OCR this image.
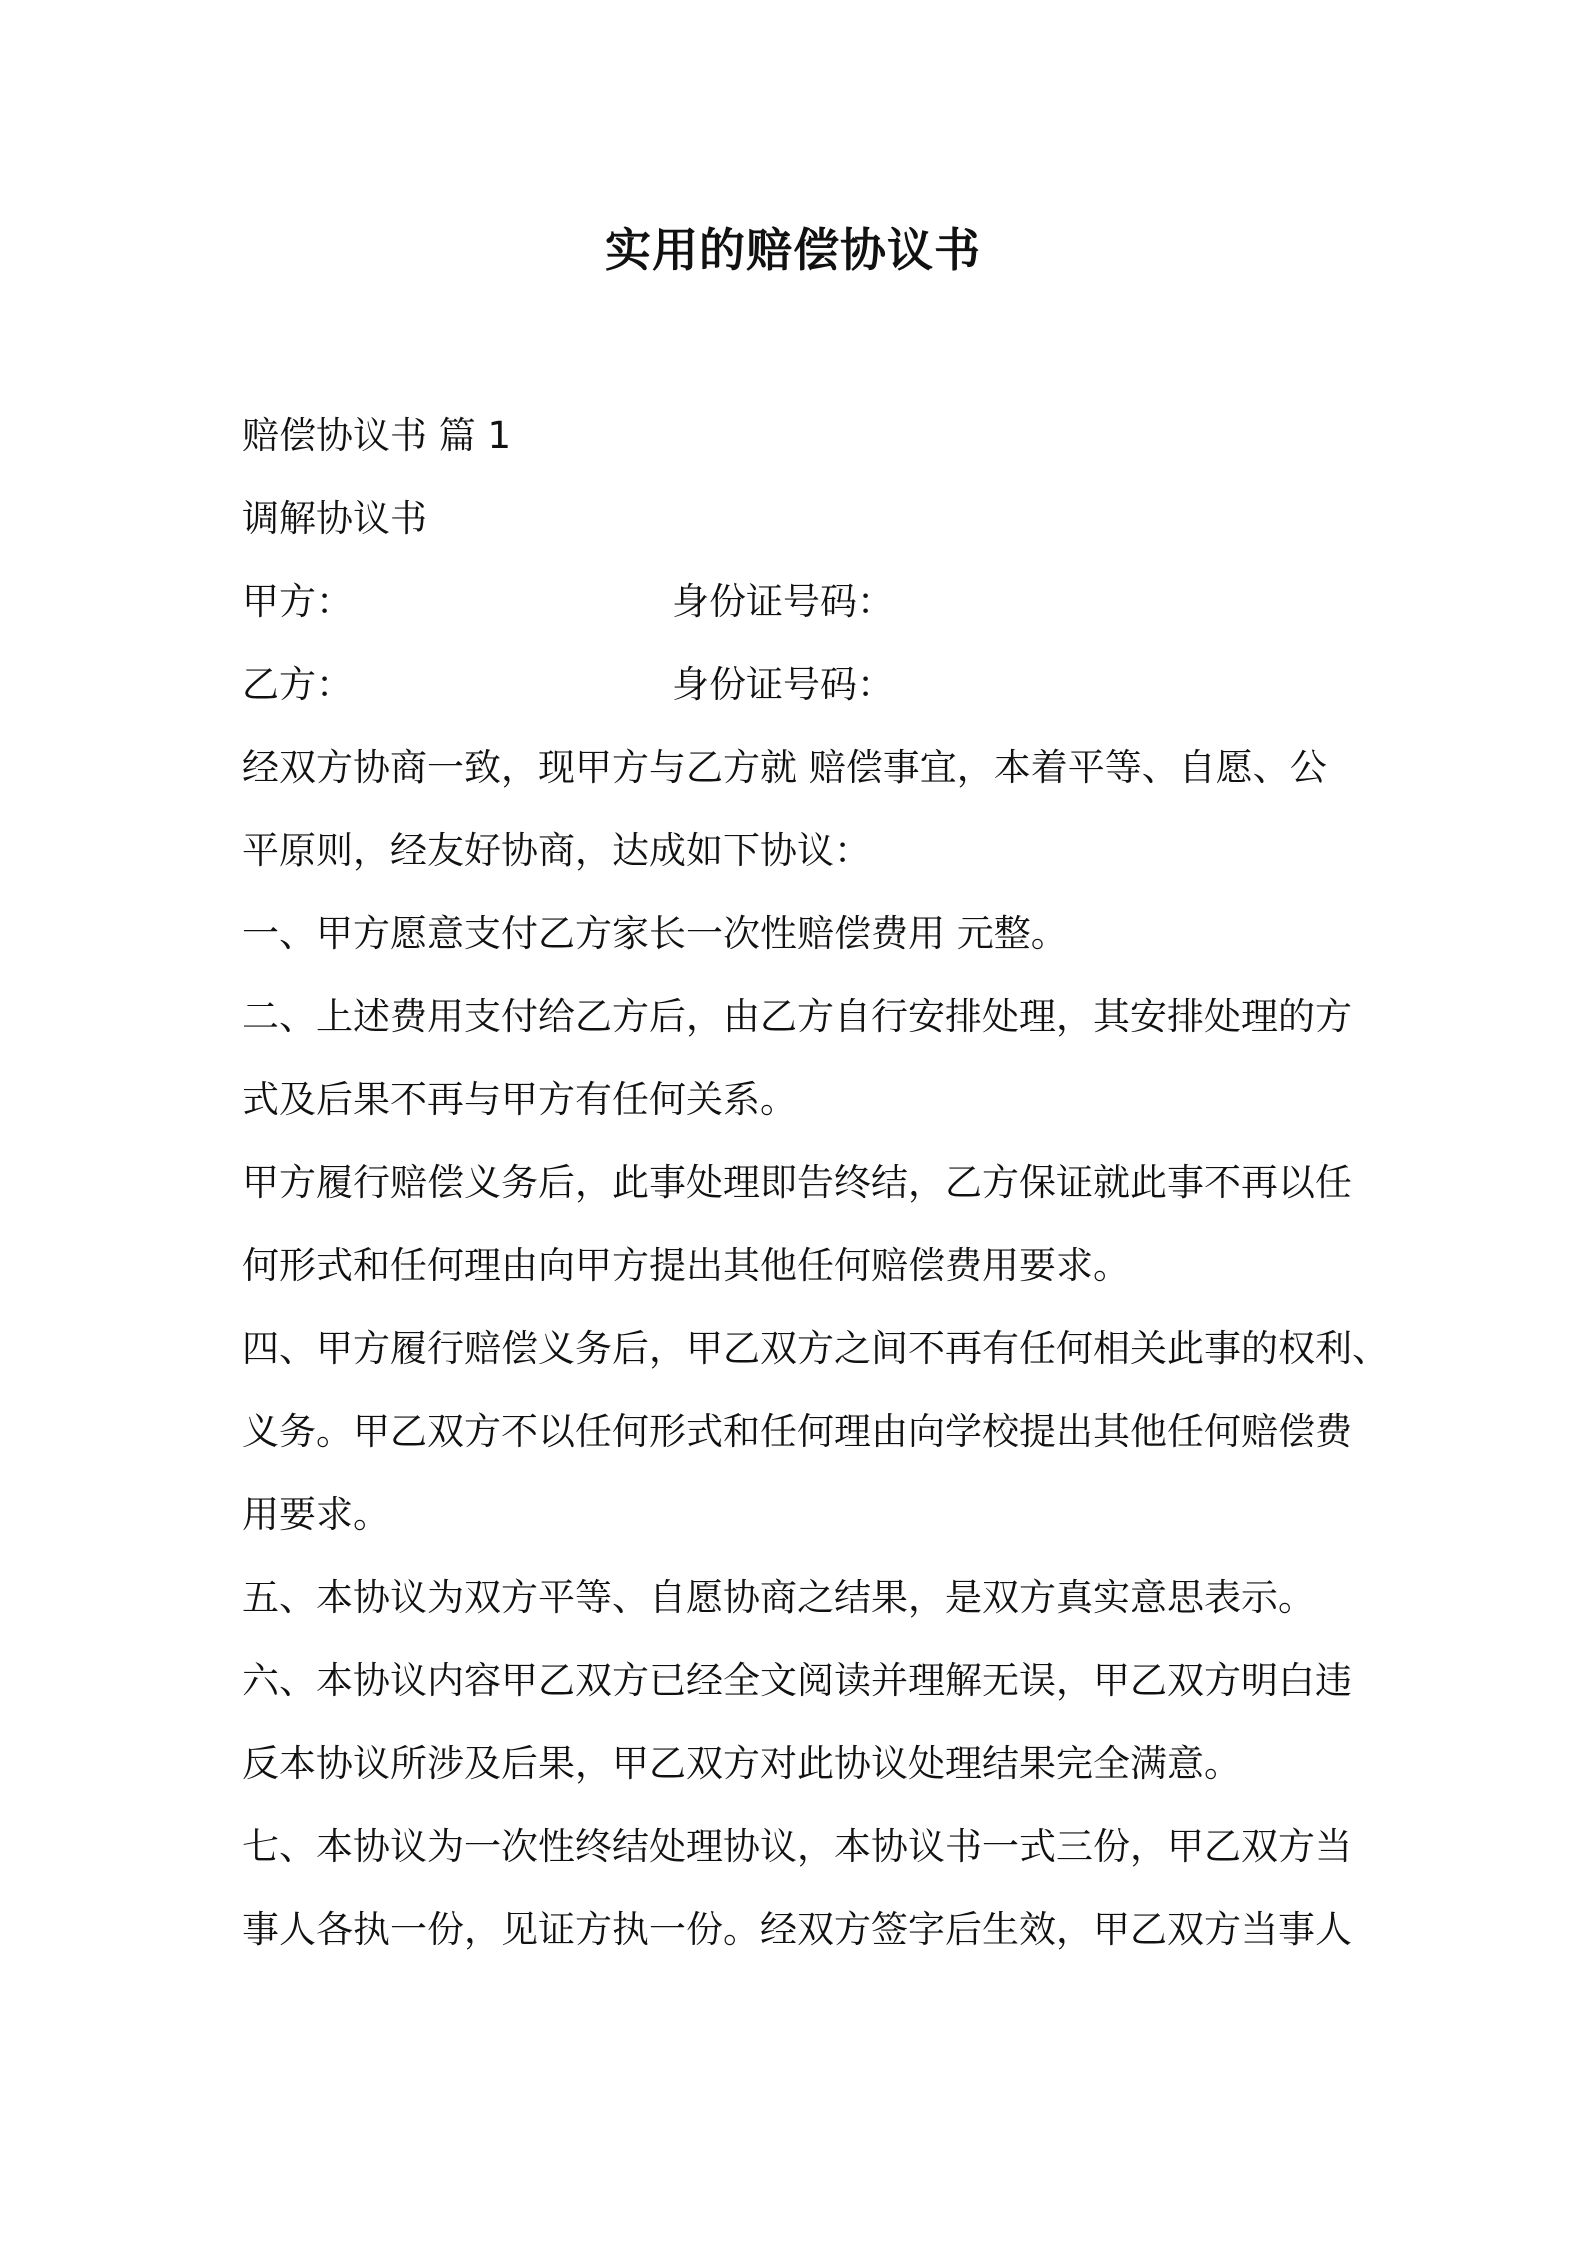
实用的赔偿协议书

赔偿协议书 篇 1

调解协议书

甲方：	身份证号码：
乙方：	身份证号码：

经双方协商一致，现甲方与乙方就 赔偿事宜，本着平等、自愿、公

平原则，经友好协商，达成如下协议：

一、甲方愿意支付乙方家长一次性赔偿费用 元整。

二、上述费用支付给乙方后，由乙方自行安排处理，其安排处理的方

式及后果不再与甲方有任何关系。

甲方履行赔偿义务后，此事处理即告终结，乙方保证就此事不再以任

何形式和任何理由向甲方提出其他任何赔偿费用要求。

四、甲方履行赔偿义务后，甲乙双方之间不再有任何相关此事的权利、

义务。甲乙双方不以任何形式和任何理由向学校提出其他任何赔偿费

用要求。

五、本协议为双方平等、自愿协商之结果，是双方真实意思表示。

六、本协议内容甲乙双方已经全文阅读并理解无误，甲乙双方明白违

反本协议所涉及后果，甲乙双方对此协议处理结果完全满意。

七、本协议为一次性终结处理协议，本协议书一式三份，甲乙双方当

事人各执一份，见证方执一份。经双方签字后生效，甲乙双方当事人
